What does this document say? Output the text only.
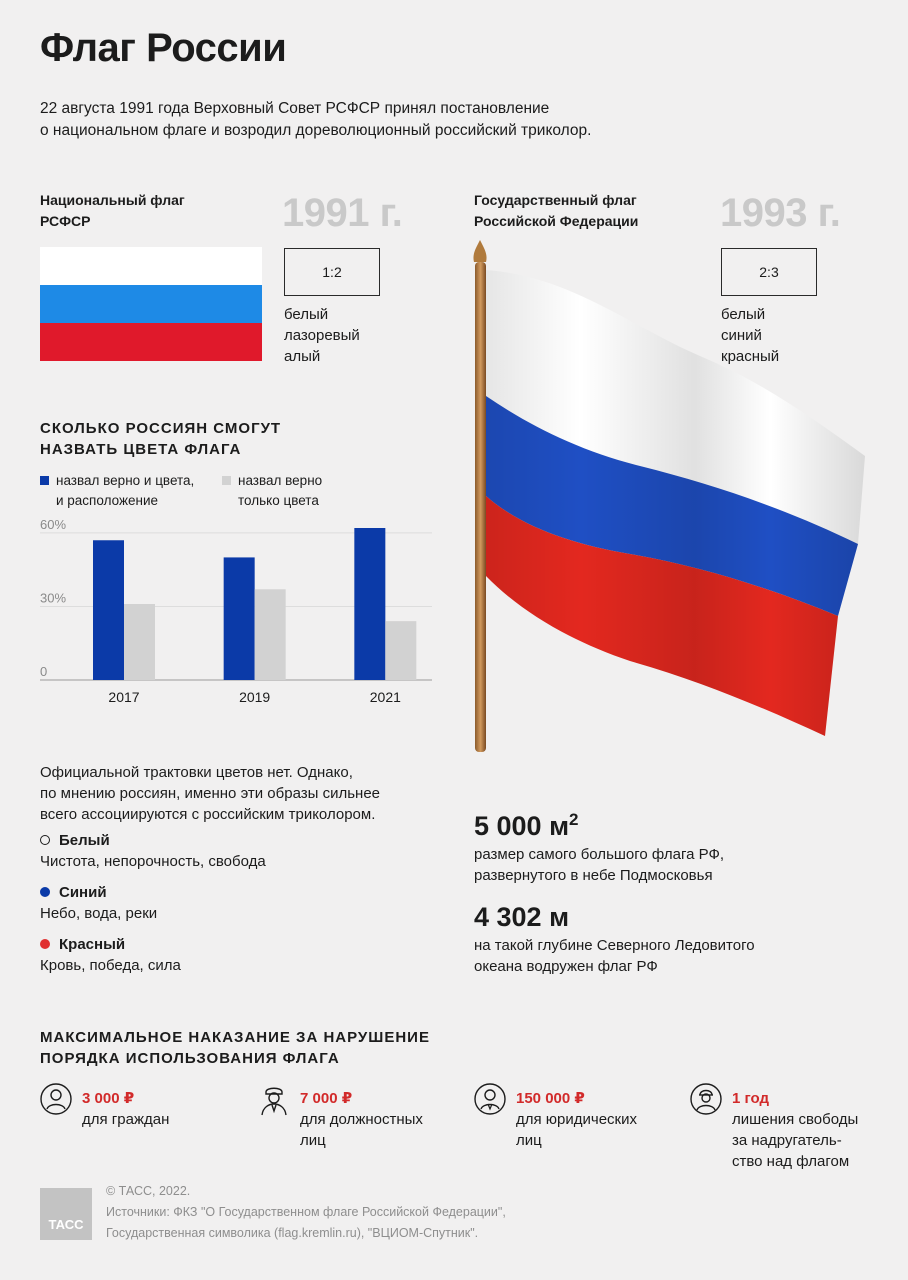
Флаг России
22 августа 1991 года Верховный Совет РСФСР принял постановление
о национальном флаге и возродил дореволюционный российский триколор.
Национальный флаг
РСФСР	1991 г.
1:2
белый
лазоревый
алый
Государственный флаг
Российской Федерации 1993 г.
2:3
белый
синий
красный
СКОЛЬКО РОССИЯН СМОГУТ
НАЗВАТЬ ЦВЕТА ФЛАГА
назвал верно и цвета,
и расположение
назвал верно
только цвета
0
30%
60%
2017	2019	2021
Официальной трактовки цветов нет. Однако,
по мнению россиян, именно эти образы сильнее
всего ассоциируются с российским триколором.
Белый
Чистота, непорочность, свобода
Синий
Небо, вода, реки
Красный
Кровь, победа, сила
5 000 $м^2$
размер самого большого флага РФ,
развернутого в небе Подмосковья
4 302 м
на такой глубине Северного Ледовитого
океана водружен флаг РФ
МАКСИМАЛЬНОЕ НАКАЗАНИЕ ЗА НАРУШЕНИЕ
ПОРЯДКА ИСПОЛЬЗОВАНИЯ ФЛАГА
3 000 ₽
для граждан
7 000 ₽
для должностных
лиц
150 000 ₽
для юридических
лиц
1 год
лишения свободы
за надругатель-
ство над флагом
ТАСС
© ТАСС, 2022.
Источники: ФКЗ "О Государственном флаге Российской Федерации",
Государственная символика (flag.kremlin.ru), "ВЦИОМ-Спутник".
